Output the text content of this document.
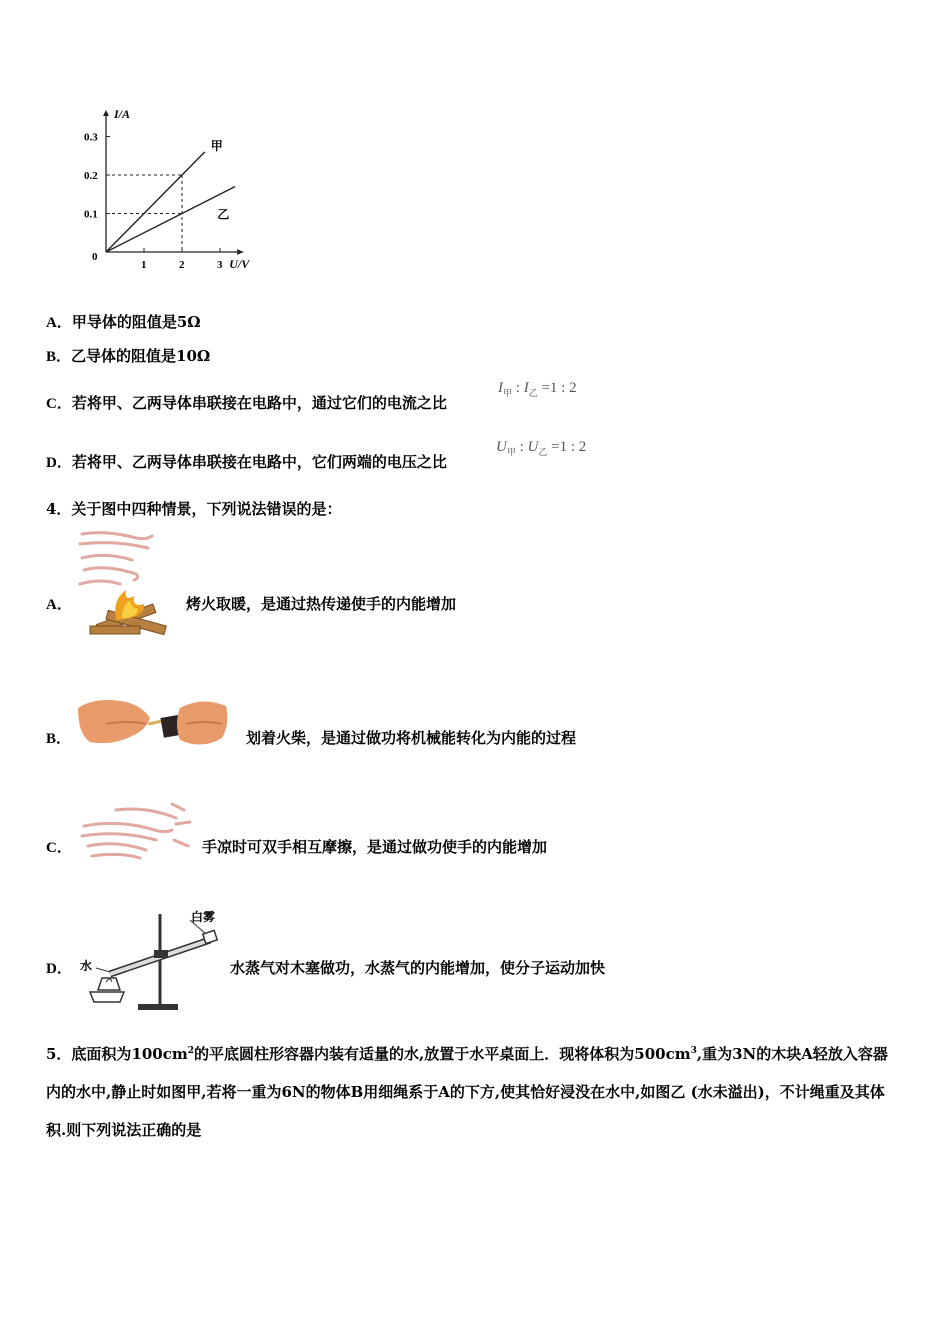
I/A
U/V
0
1	2	3
0.1
0.2
0.3
甲
乙
A．甲导体的阻值是5Ω
B．乙导体的阻值是10Ω
C．若将甲、乙两导体串联接在电路中，通过它们的电流之比
$I_甲$ : $I_乙 =1$ : 2
D．若将甲、乙两导体串联接在电路中，它们两端的电压之比
$U_甲$ : $U_乙 =1$ : 2
4．关于图中四种情景，下列说法错误的是：
A．	烤火取暖，是通过热传递使手的内能增加
B．	划着火柴，是通过做功将机械能转化为内能的过程
C．	手凉时可双手相互摩擦，是通过做功使手的内能增加
D．
白雾
水	水蒸气对木塞做功，水蒸气的内能增加，使分子运动加快
5．底面积为$100cm^2$的平底圆柱形容器内装有适量的水,放置于水平桌面上．现将体积为$500cm^3$,重为3N的木块A轻放入容器内的水中,静止时如图甲,若将一重为6N的物体B用细绳系于A的下方,使其恰好浸没在水中,如图乙 (水未溢出)，不计绳重及其体积.则下列说法正确的是
